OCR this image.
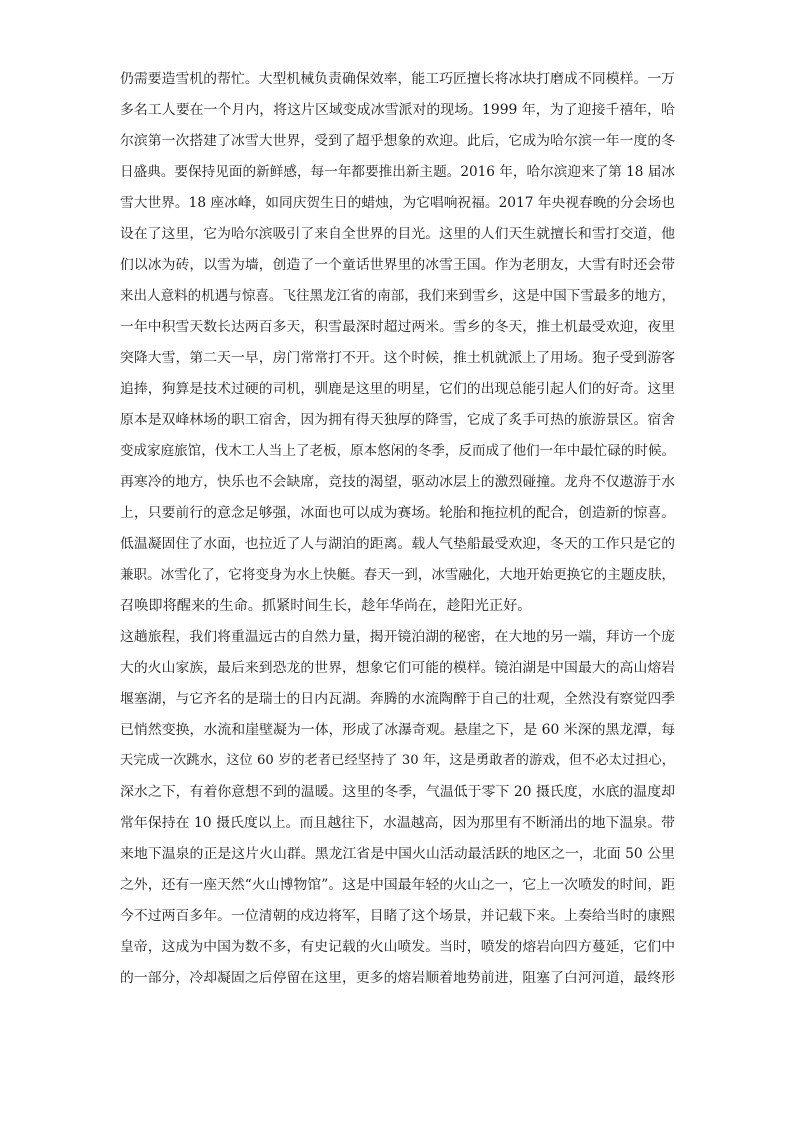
仍需要造雪机的帮忙。大型机械负责确保效率，能工巧匠擅长将冰块打磨成不同模样。一万
多名工人要在一个月内，将这片区域变成冰雪派对的现场。1999 年，为了迎接千禧年，哈
尔滨第一次搭建了冰雪大世界，受到了超乎想象的欢迎。此后，它成为哈尔滨一年一度的冬
日盛典。要保持见面的新鲜感，每一年都要推出新主题。2016 年，哈尔滨迎来了第 18 届冰
雪大世界。18 座冰峰，如同庆贺生日的蜡烛，为它唱响祝福。2017 年央视春晚的分会场也
设在了这里，它为哈尔滨吸引了来自全世界的目光。这里的人们天生就擅长和雪打交道，他
们以冰为砖，以雪为墙，创造了一个童话世界里的冰雪王国。作为老朋友，大雪有时还会带
来出人意料的机遇与惊喜。飞往黑龙江省的南部，我们来到雪乡，这是中国下雪最多的地方，
一年中积雪天数长达两百多天，积雪最深时超过两米。雪乡的冬天，推土机最受欢迎，夜里
突降大雪，第二天一早，房门常常打不开。这个时候，推土机就派上了用场。狍子受到游客
追捧，狗算是技术过硬的司机，驯鹿是这里的明星，它们的出现总能引起人们的好奇。这里
原本是双峰林场的职工宿舍，因为拥有得天独厚的降雪，它成了炙手可热的旅游景区。宿舍
变成家庭旅馆，伐木工人当上了老板，原本悠闲的冬季，反而成了他们一年中最忙碌的时候。
再寒冷的地方，快乐也不会缺席，竞技的渴望，驱动冰层上的激烈碰撞。龙舟不仅遨游于水
上，只要前行的意念足够强，冰面也可以成为赛场。轮胎和拖拉机的配合，创造新的惊喜。
低温凝固住了水面，也拉近了人与湖泊的距离。载人气垫船最受欢迎，冬天的工作只是它的
兼职。冰雪化了，它将变身为水上快艇。春天一到，冰雪融化，大地开始更换它的主题皮肤，
召唤即将醒来的生命。抓紧时间生长，趁年华尚在，趁阳光正好。
这趟旅程，我们将重温远古的自然力量，揭开镜泊湖的秘密，在大地的另一端，拜访一个庞
大的火山家族，最后来到恐龙的世界，想象它们可能的模样。镜泊湖是中国最大的高山熔岩
堰塞湖，与它齐名的是瑞士的日内瓦湖。奔腾的水流陶醉于自己的壮观，全然没有察觉四季
已悄然变换，水流和崖壁凝为一体，形成了冰瀑奇观。悬崖之下，是 60 米深的黑龙潭，每
天完成一次跳水，这位 60 岁的老者已经坚持了 30 年，这是勇敢者的游戏，但不必太过担心，
深水之下，有着你意想不到的温暖。这里的冬季，气温低于零下 20 摄氏度，水底的温度却
常年保持在 10 摄氏度以上。而且越往下，水温越高，因为那里有不断涌出的地下温泉。带
来地下温泉的正是这片火山群。黑龙江省是中国火山活动最活跃的地区之一，北面 50 公里
之外，还有一座天然“火山博物馆”。这是中国最年轻的火山之一，它上一次喷发的时间，距
今不过两百多年。一位清朝的戍边将军，目睹了这个场景，并记载下来。上奏给当时的康熙
皇帝，这成为中国为数不多，有史记载的火山喷发。当时，喷发的熔岩向四方蔓延，它们中
的一部分，冷却凝固之后停留在这里，更多的熔岩顺着地势前进，阻塞了白河河道，最终形
